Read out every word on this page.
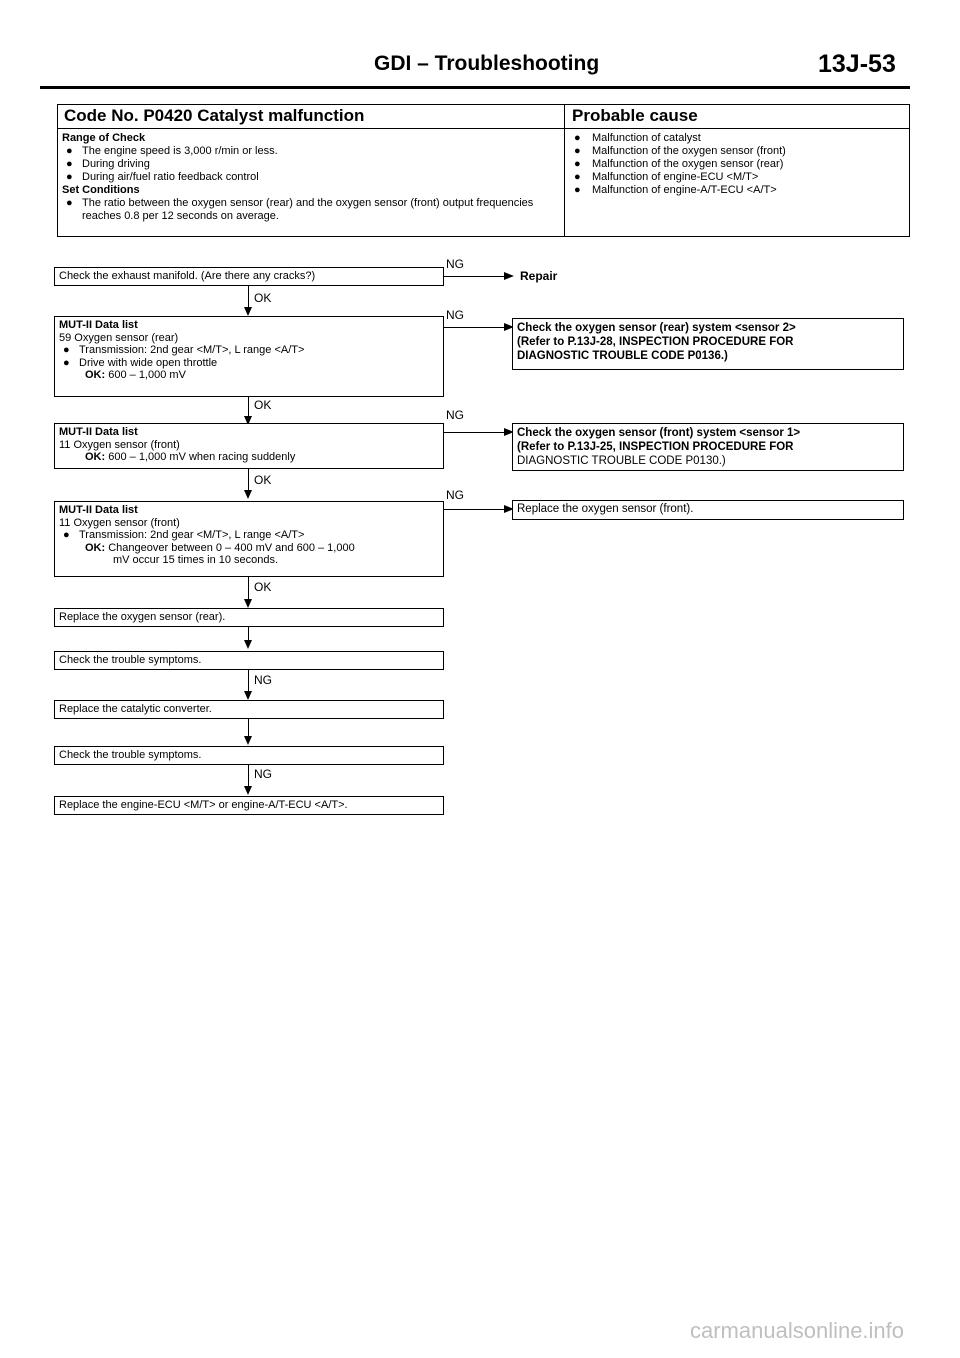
GDI – Troubleshooting	13J-53
Code No. P0420 Catalyst malfunction	Probable cause
Range of Check
● The engine speed is 3,000 r/min or less.
● During driving
● During air/fuel ratio feedback control
Set Conditions
● The ratio between the oxygen sensor (rear) and the oxygen sensor (front) output frequencies reaches 0.8 per 12 seconds on average.
● Malfunction of catalyst
● Malfunction of the oxygen sensor (front)
● Malfunction of the oxygen sensor (rear)
● Malfunction of engine-ECU <M/T>
● Malfunction of engine-A/T-ECU <A/T>
Check the exhaust manifold. (Are there any cracks?)
NG
Repair
OK
MUT-II Data list
59 Oxygen sensor (rear)
● Transmission: 2nd gear <M/T>, L range <A/T>
● Drive with wide open throttle
OK: 600 – 1,000 mV
NG
Check the oxygen sensor (rear) system <sensor 2>
(Refer to P.13J-28, INSPECTION PROCEDURE FOR
DIAGNOSTIC TROUBLE CODE P0136.)
OK
MUT-II Data list
11 Oxygen sensor (front)
OK: 600 – 1,000 mV when racing suddenly
NG
Check the oxygen sensor (front) system <sensor 1>
(Refer to P.13J-25, INSPECTION PROCEDURE FOR
DIAGNOSTIC TROUBLE CODE P0130.)
OK
MUT-II Data list
11 Oxygen sensor (front)
● Transmission: 2nd gear <M/T>, L range <A/T>
OK: Changeover between 0 – 400 mV and 600 – 1,000
mV occur 15 times in 10 seconds.
NG
Replace the oxygen sensor (front).
OK
Replace the oxygen sensor (rear).
Check the trouble symptoms.
NG
Replace the catalytic converter.
Check the trouble symptoms.
NG
Replace the engine-ECU <M/T> or engine-A/T-ECU <A/T>.
carmanualsonline.info
